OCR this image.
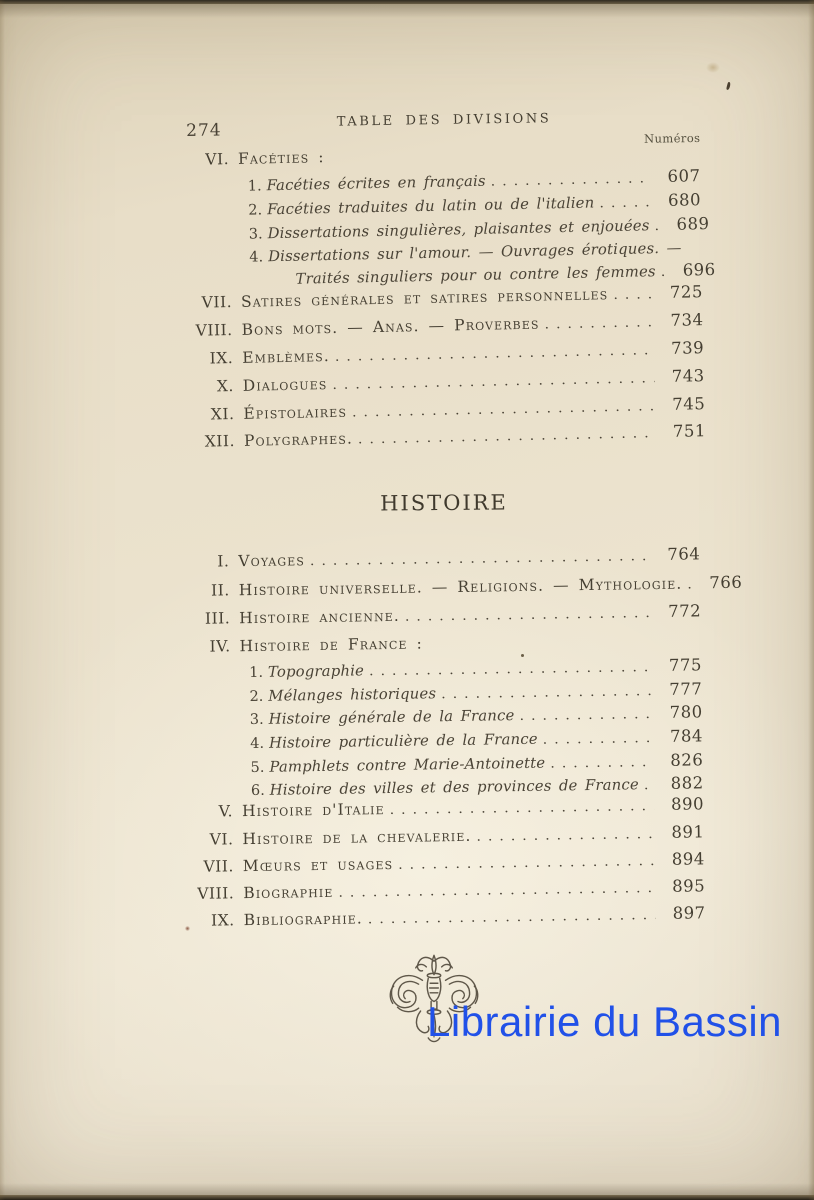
TABLE DES DIVISIONS
274	Numéros
VI. Facéties :
1. Facéties écrites en français .....	607
2. Facéties traduites du latin ou de l'italien .....	680
3. Dissertations singulières, plaisantes et enjouées .....	689
4. Dissertations sur l'amour. — Ouvrages érotiques. —
Traités singuliers pour ou contre les femmes .....	696
VII. Satires générales et satires personnelles .....	725
VIII. Bons mots. — Anas. — Proverbes .....	734
IX. Emblèmes. .....	739
X. Dialogues .....	743
XI. Épistolaires .....	745
XII. Polygraphes. .....	751
HISTOIRE
I. Voyages .....	764
II. Histoire universelle. — Religions. — Mythologie. .....	766
III. Histoire ancienne. .....	772
IV. Histoire de France :
1. Topographie .....	775
2. Mélanges historiques .....	777
3. Histoire générale de la France .....	780
4. Histoire particulière de la France .....	784
5. Pamphlets contre Marie-Antoinette .....	826
6. Histoire des villes et des provinces de France .....	882
V. Histoire d'Italie .....	890
VI. Histoire de la chevalerie. .....	891
VII. Mœurs et usages .....	894
VIII. Biographie .....	895
IX. Bibliographie. .....	897
Librairie du Bassin
